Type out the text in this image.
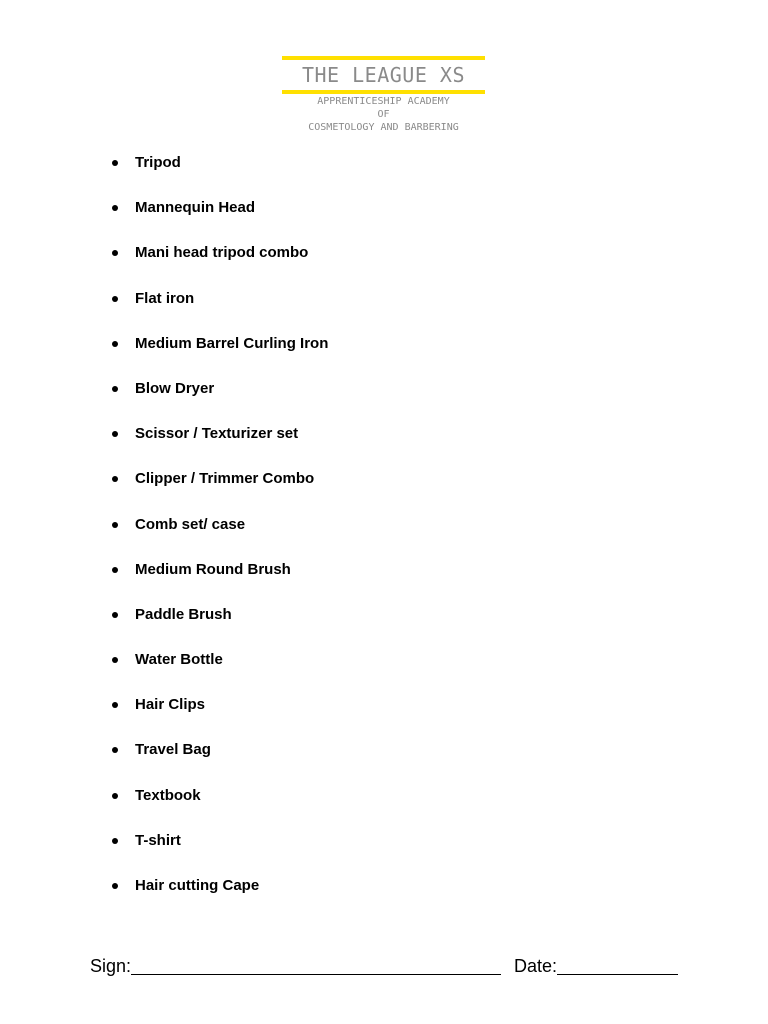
THE LEAGUE XS
APPRENTICESHIP ACADEMY
OF
COSMETOLOGY AND BARBERING
Tripod
Mannequin Head
Mani head tripod combo
Flat iron
Medium Barrel Curling Iron
Blow Dryer
Scissor / Texturizer set
Clipper / Trimmer Combo
Comb set/ case
Medium Round Brush
Paddle Brush
Water Bottle
Hair Clips
Travel Bag
Textbook
T-shirt
Hair cutting Cape
Sign:	Date:
